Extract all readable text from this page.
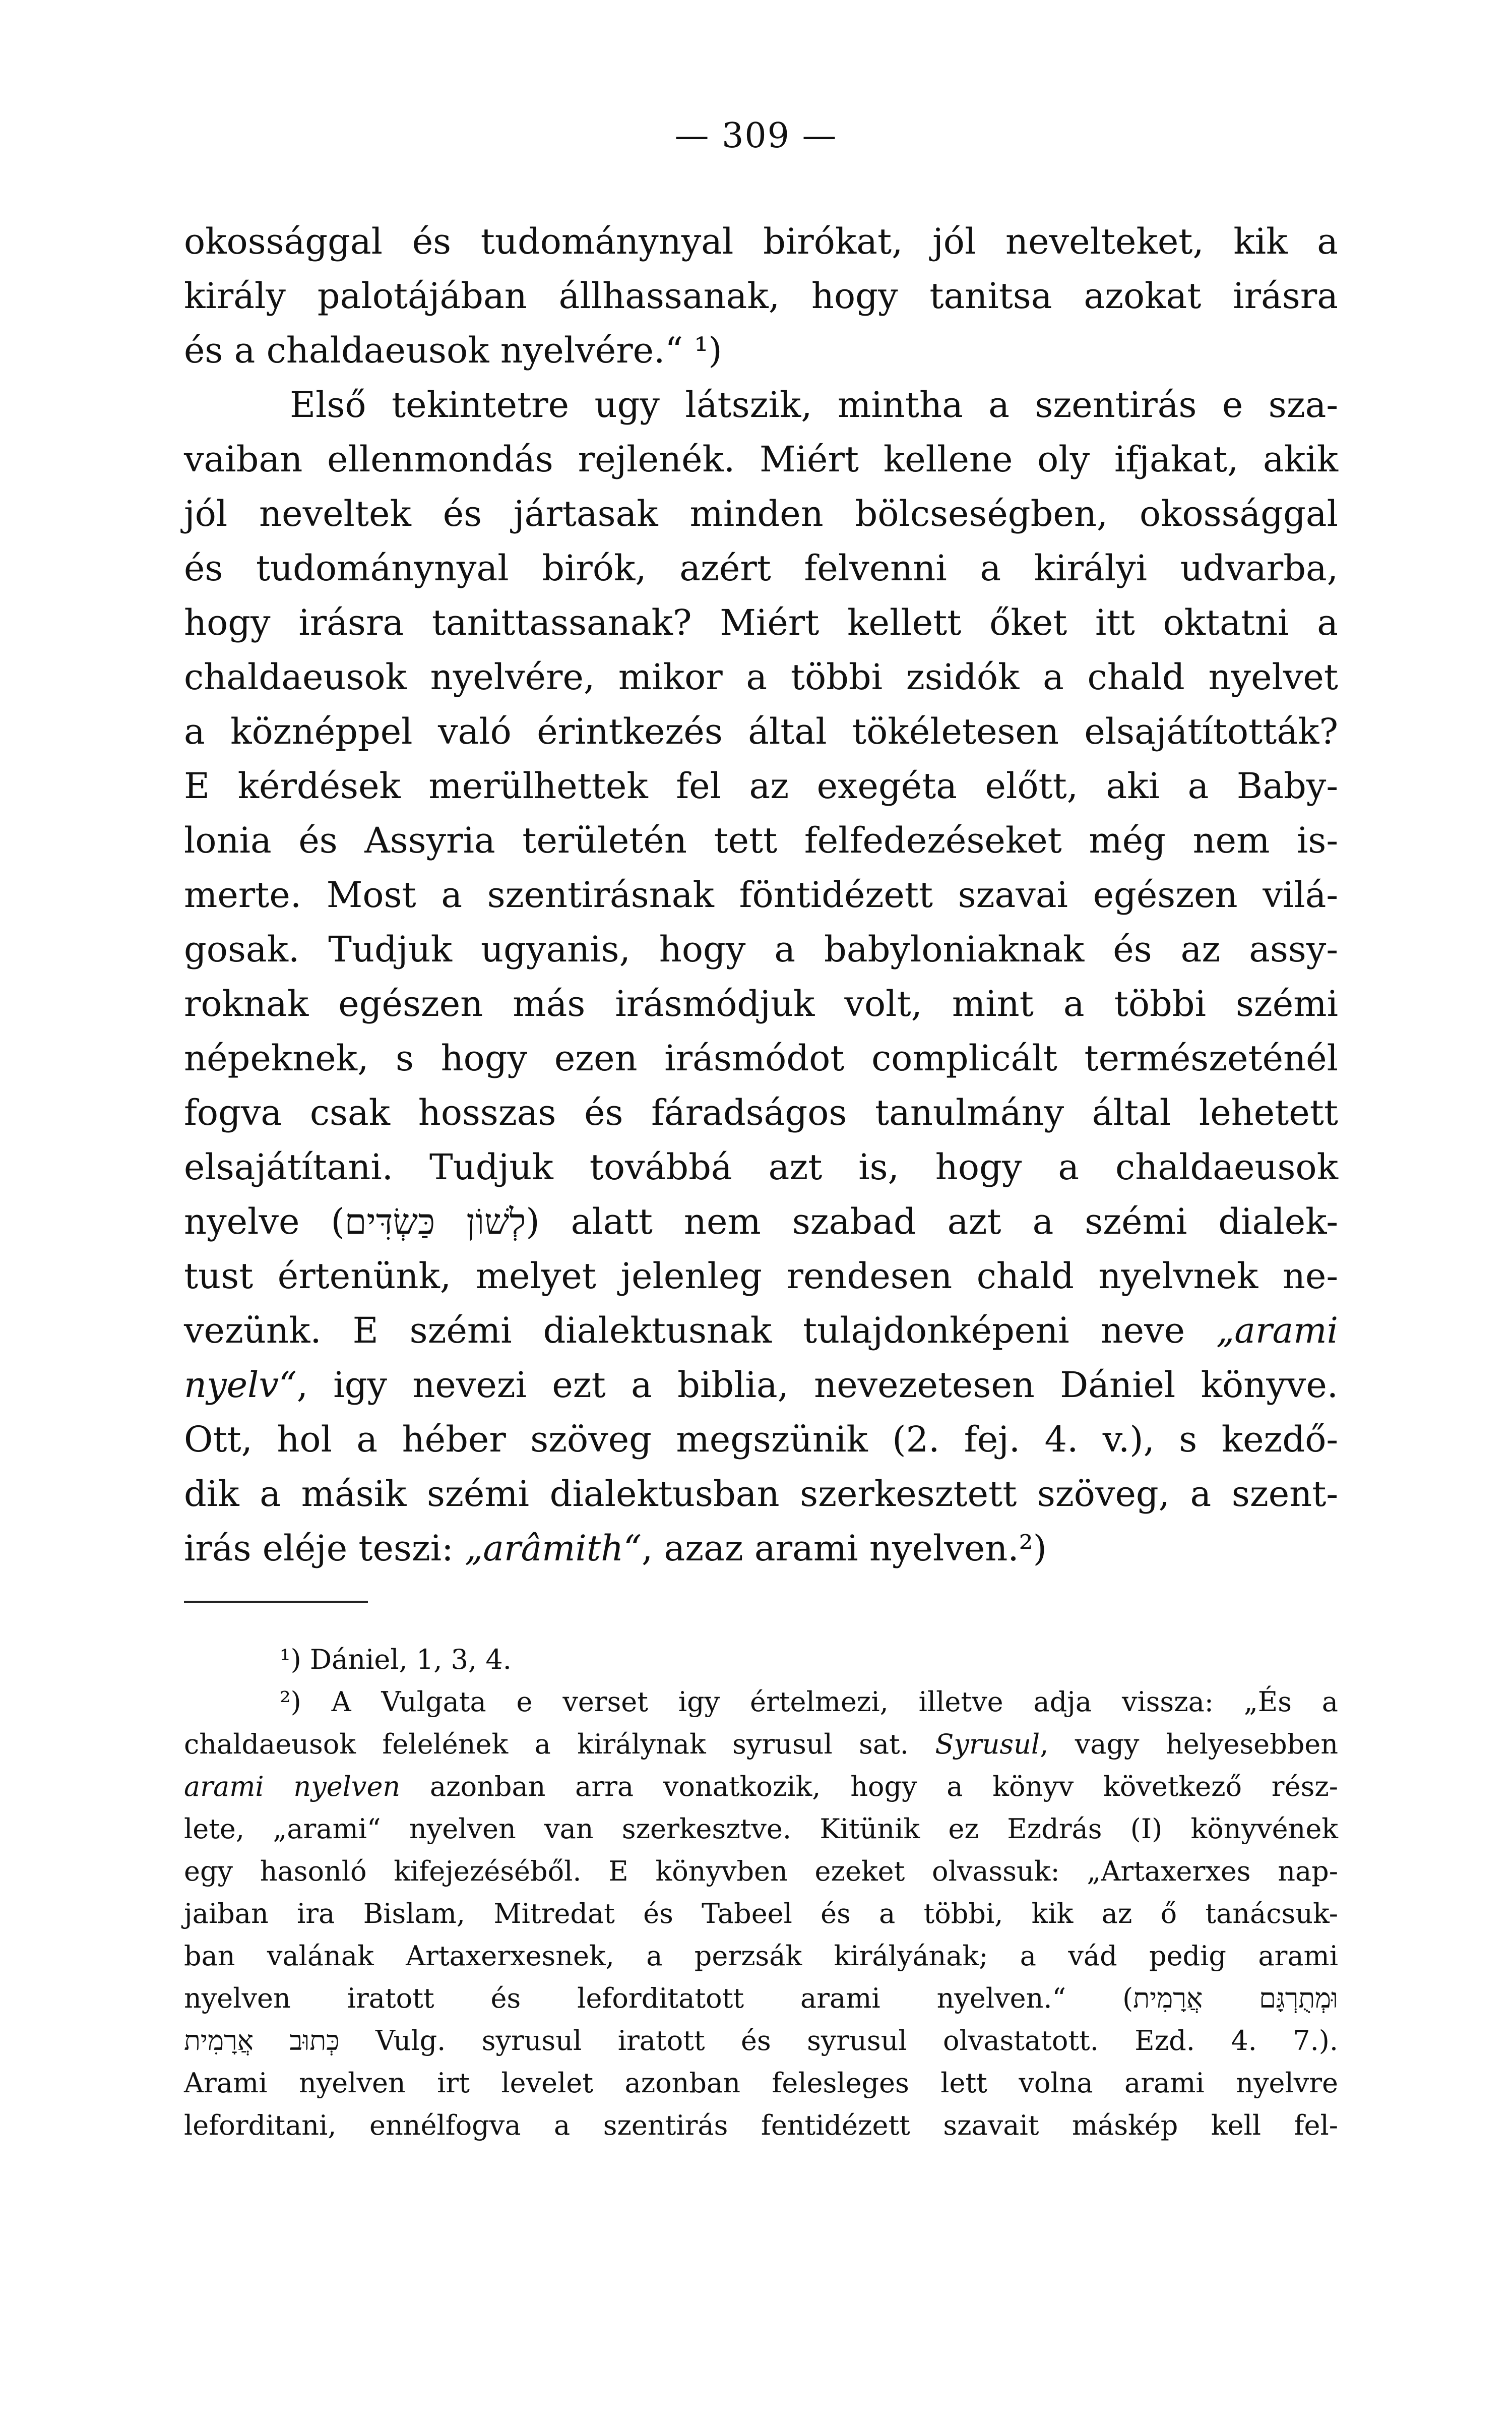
— 309 —
okossággal és tudománynyal birókat, jól nevelteket, kik a
király palotájában állhassanak, hogy tanitsa azokat irásra
és a chaldaeusok nyelvére.“ ¹)
Első tekintetre ugy látszik, mintha a szentirás e sza-
vaiban ellenmondás rejlenék. Miért kellene oly ifjakat, akik
jól neveltek és jártasak minden bölcseségben, okossággal
és tudománynyal birók, azért felvenni a királyi udvarba,
hogy irásra tanittassanak? Miért kellett őket itt oktatni a
chaldaeusok nyelvére, mikor a többi zsidók a chald nyelvet
a köznéppel való érintkezés által tökéletesen elsajátították?
E kérdések merülhettek fel az exegéta előtt, aki a Baby-
lonia és Assyria területén tett felfedezéseket még nem is-
merte. Most a szentirásnak föntidézett szavai egészen vilá-
gosak. Tudjuk ugyanis, hogy a babyloniaknak és az assy-
roknak egészen más irásmódjuk volt, mint a többi szémi
népeknek, s hogy ezen irásmódot complicált természeténél
fogva csak hosszas és fáradságos tanulmány által lehetett
elsajátítani. Tudjuk továbbá azt is, hogy a chaldaeusok
nyelve (לְשׁוֹן כַּשְׂדִּים) alatt nem szabad azt a szémi dialek-
tust értenünk, melyet jelenleg rendesen chald nyelvnek ne-
vezünk. E szémi dialektusnak tulajdonképeni neve „arami
nyelv“, igy nevezi ezt a biblia, nevezetesen Dániel könyve.
Ott, hol a héber szöveg megszünik (2. fej. 4. v.), s kezdő-
dik a másik szémi dialektusban szerkesztett szöveg, a szent-
irás eléje teszi: „arâmith“, azaz arami nyelven.²)
¹) Dániel, 1, 3, 4.
²) A Vulgata e verset igy értelmezi, illetve adja vissza: „És a
chaldaeusok felelének a királynak syrusul sat. Syrusul, vagy helyesebben
arami nyelven azonban arra vonatkozik, hogy a könyv következő rész-
lete, „arami“ nyelven van szerkesztve. Kitünik ez Ezdrás (I) könyvének
egy hasonló kifejezéséből. E könyvben ezeket olvassuk: „Artaxerxes nap-
jaiban ira Bislam, Mitredat és Tabeel és a többi, kik az ő tanácsuk-
ban valának Artaxerxesnek, a perzsák királyának; a vád pedig arami
nyelven iratott és leforditatott arami nyelven.“ (וּמְתֻרְגָּם אֲרָמִית
כְּתוּב אֲרָמִית Vulg. syrusul iratott és syrusul olvastatott. Ezd. 4. 7.).
Arami nyelven irt levelet azonban felesleges lett volna arami nyelvre
leforditani, ennélfogva a szentirás fentidézett szavait máskép kell fel-
